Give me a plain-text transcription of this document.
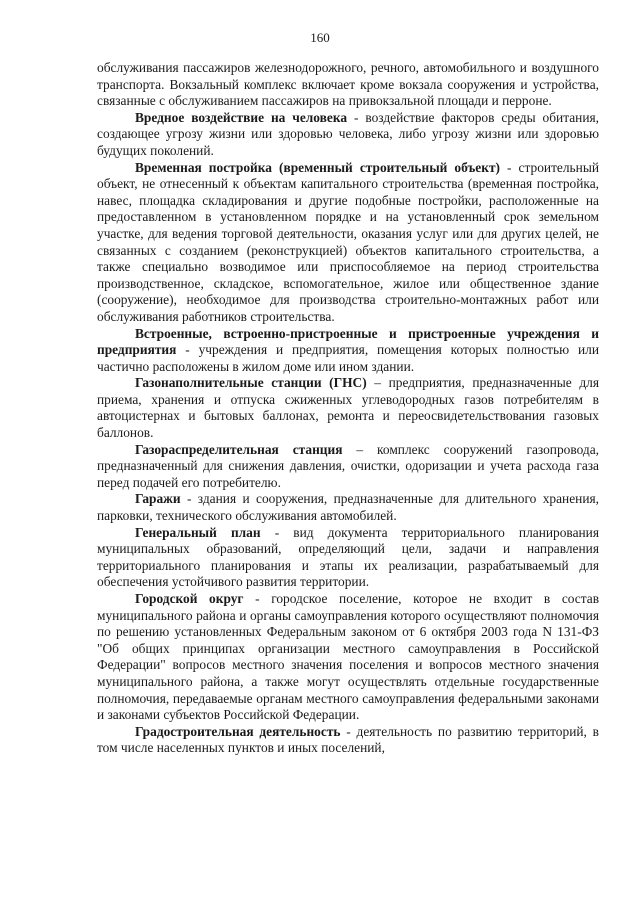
160

обслуживания пассажиров железнодорожного, речного, автомобильного и воздушного транспорта. Вокзальный комплекс включает кроме вокзала сооружения и устройства, связанные с обслуживанием пассажиров на привокзальной площади и перроне.

Вредное воздействие на человека - воздействие факторов среды обитания, создающее угрозу жизни или здоровью человека, либо угрозу жизни или здоровью будущих поколений.

Временная постройка (временный строительный объект) - строительный объект, не отнесенный к объектам капитального строительства (временная постройка, навес, площадка складирования и другие подобные постройки, расположенные на предоставленном в установленном порядке и на установленный срок земельном участке, для ведения торговой деятельности, оказания услуг или для других целей, не связанных с созданием (реконструкцией) объектов капитального строительства, а также специально возводимое или приспособляемое на период строительства производственное, складское, вспомогательное, жилое или общественное здание (сооружение), необходимое для производства строительно-монтажных работ или обслуживания работников строительства.

Встроенные, встроенно-пристроенные и пристроенные учреждения и предприятия - учреждения и предприятия, помещения которых полностью или частично расположены в жилом доме или ином здании.

Газонаполнительные станции (ГНС) – предприятия, предназначенные для приема, хранения и отпуска сжиженных углеводородных газов потребителям в автоцистернах и бытовых баллонах, ремонта и переосвидетельствования газовых баллонов.

Газораспределительная станция – комплекс сооружений газопровода, предназначенный для снижения давления, очистки, одоризации и учета расхода газа перед подачей его потребителю.

Гаражи - здания и сооружения, предназначенные для длительного хранения, парковки, технического обслуживания автомобилей.

Генеральный план - вид документа территориального планирования муниципальных образований, определяющий цели, задачи и направления территориального планирования и этапы их реализации, разрабатываемый для обеспечения устойчивого развития территории.

Городской округ - городское поселение, которое не входит в состав муниципального района и органы самоуправления которого осуществляют полномочия по решению установленных Федеральным законом от 6 октября 2003 года N 131-ФЗ "Об общих принципах организации местного самоуправления в Российской Федерации" вопросов местного значения поселения и вопросов местного значения муниципального района, а также могут осуществлять отдельные государственные полномочия, передаваемые органам местного самоуправления федеральными законами и законами субъектов Российской Федерации.

Градостроительная деятельность - деятельность по развитию территорий, в том числе населенных пунктов и иных поселений,
